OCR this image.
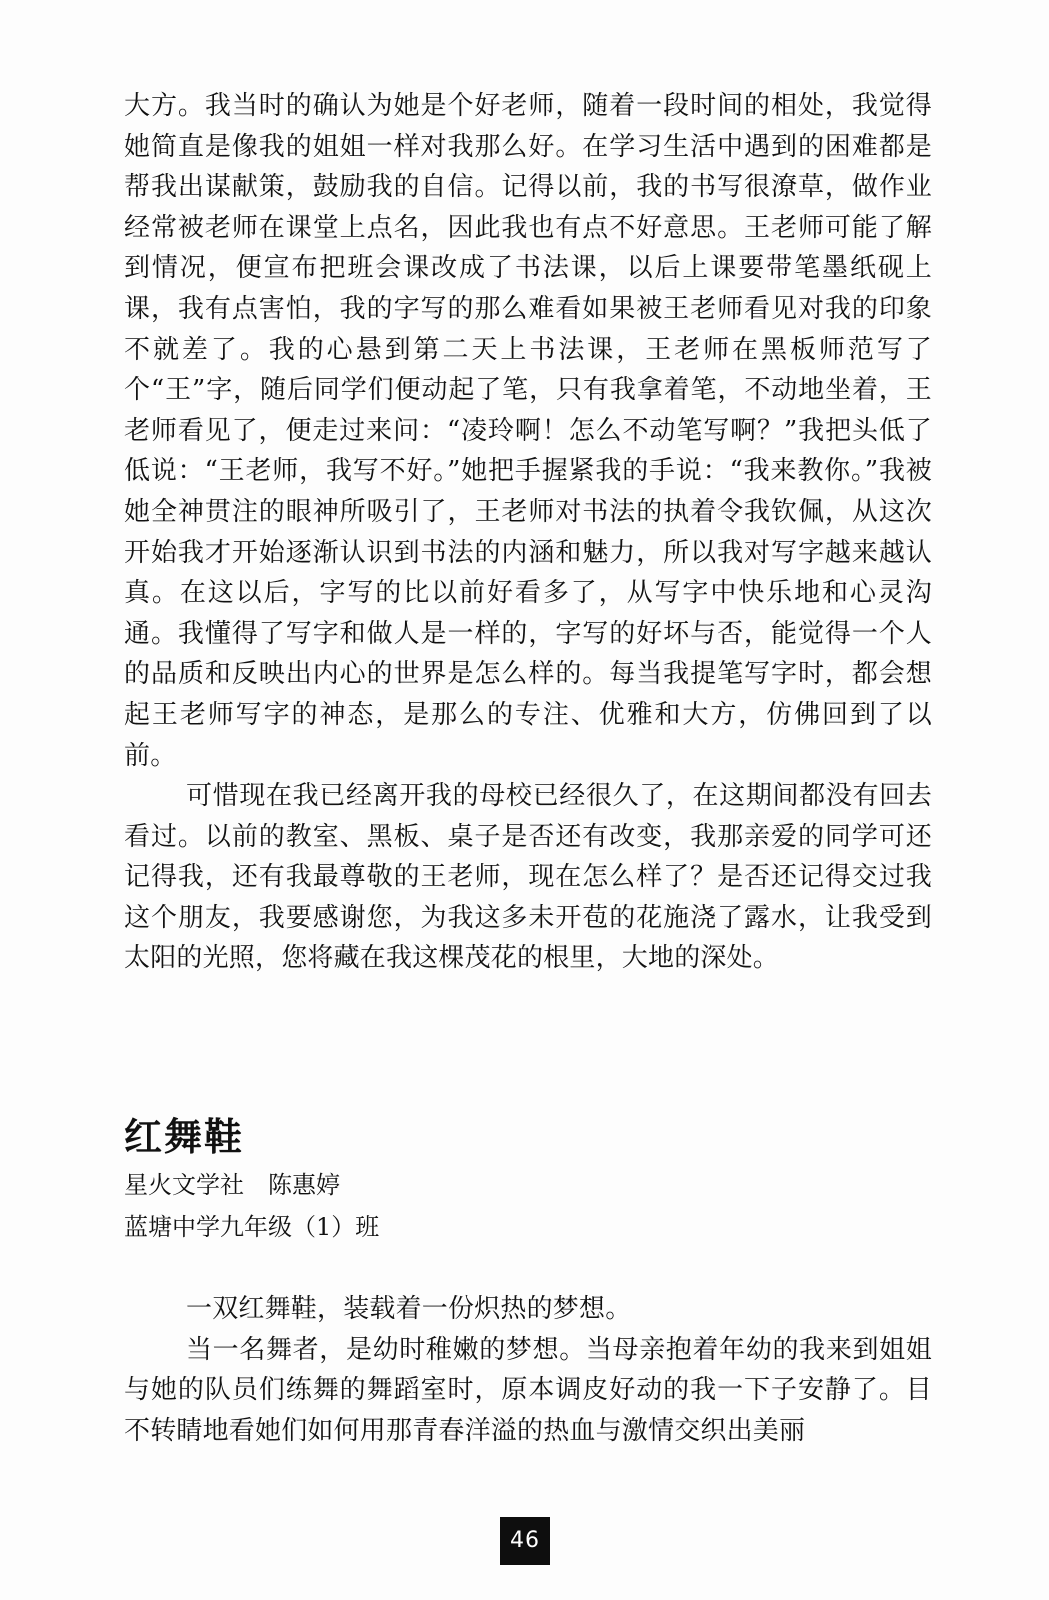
大方。我当时的确认为她是个好老师，随着一段时间的相处，我觉得她简直是像我的姐姐一样对我那么好。在学习生活中遇到的困难都是帮我出谋献策，鼓励我的自信。记得以前，我的书写很潦草，做作业经常被老师在课堂上点名，因此我也有点不好意思。王老师可能了解到情况，便宣布把班会课改成了书法课，以后上课要带笔墨纸砚上课，我有点害怕，我的字写的那么难看如果被王老师看见对我的印象不就差了。我的心悬到第二天上书法课，王老师在黑板师范写了个“王”字，随后同学们便动起了笔，只有我拿着笔，不动地坐着，王老师看见了，便走过来问：“凌玲啊！怎么不动笔写啊？”我把头低了低说：“王老师，我写不好。”她把手握紧我的手说：“我来教你。”我被她全神贯注的眼神所吸引了，王老师对书法的执着令我钦佩，从这次开始我才开始逐渐认识到书法的内涵和魅力，所以我对写字越来越认真。在这以后，字写的比以前好看多了，从写字中快乐地和心灵沟通。我懂得了写字和做人是一样的，字写的好坏与否，能觉得一个人的品质和反映出内心的世界是怎么样的。每当我提笔写字时，都会想起王老师写字的神态，是那么的专注、优雅和大方，仿佛回到了以前。

可惜现在我已经离开我的母校已经很久了，在这期间都没有回去看过。以前的教室、黑板、桌子是否还有改变，我那亲爱的同学可还记得我，还有我最尊敬的王老师，现在怎么样了？是否还记得交过我这个朋友，我要感谢您，为我这多未开苞的花施浇了露水，让我受到太阳的光照，您将藏在我这棵茂花的根里，大地的深处。

红舞鞋

星火文学社　陈惠婷

蓝塘中学九年级（1）班

一双红舞鞋，装载着一份炽热的梦想。

当一名舞者，是幼时稚嫩的梦想。当母亲抱着年幼的我来到姐姐与她的队员们练舞的舞蹈室时，原本调皮好动的我一下子安静了。目不转睛地看她们如何用那青春洋溢的热血与激情交织出美丽

46
